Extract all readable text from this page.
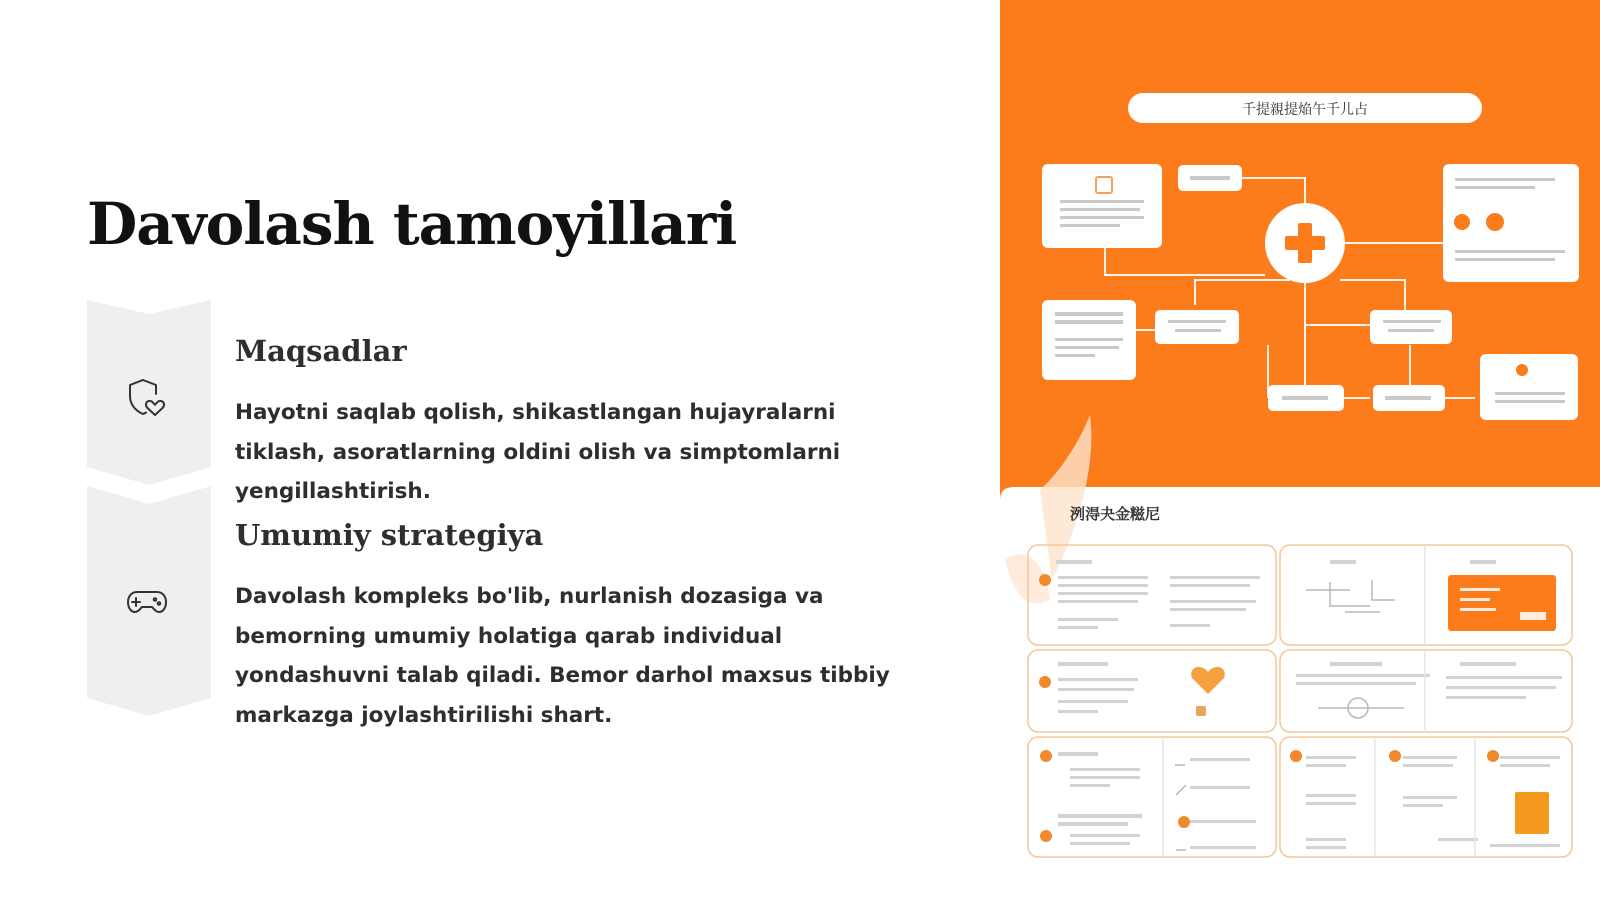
Davolash tamoyillari
Maqsadlar

Hayotni saqlab qolish, shikastlangan hujayralarni tiklash, asoratlarning oldini olish va simptomlarni yengillashtirish.

Umumiy strategiya

Davolash kompleks bo'lib, nurlanish dozasiga va bemorning umumiy holatiga qarab individual yondashuvni talab qiladi. Bemor darhol maxsus tibbiy markazga joylashtirilishi shart.

千提親提焔午千儿占
洌淂夬金糍尼
